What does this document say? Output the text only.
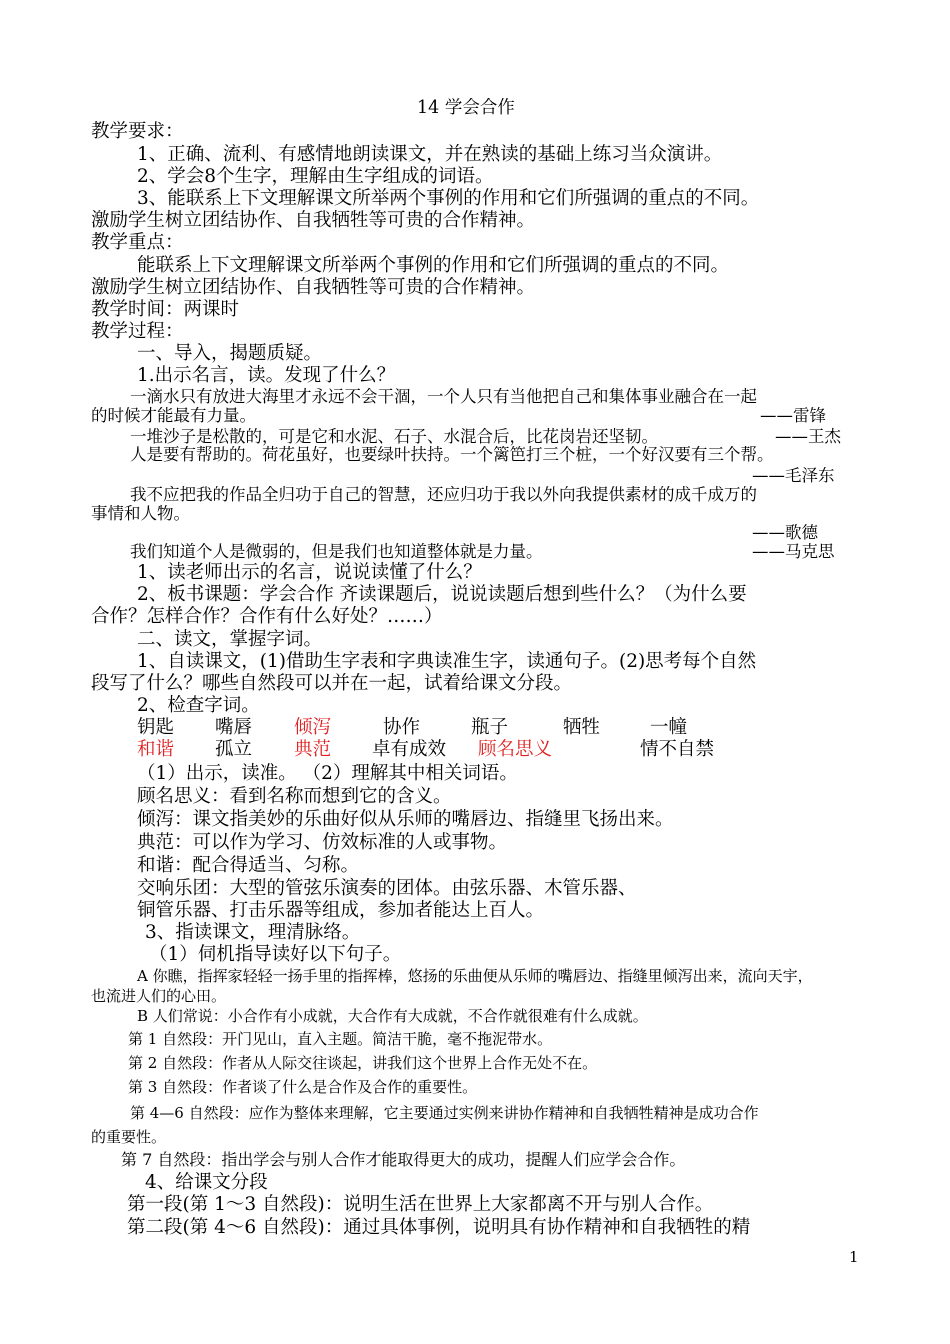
14 学会合作
教学要求：
1、正确、流利、有感情地朗读课文，并在熟读的基础上练习当众演讲。
2、学会8个生字，理解由生字组成的词语。
3、能联系上下文理解课文所举两个事例的作用和它们所强调的重点的不同。
激励学生树立团结协作、自我牺牲等可贵的合作精神。
教学重点：
能联系上下文理解课文所举两个事例的作用和它们所强调的重点的不同。
激励学生树立团结协作、自我牺牲等可贵的合作精神。
教学时间：两课时
教学过程：
一、导入，揭题质疑。
1.出示名言，读。发现了什么？
一滴水只有放进大海里才永远不会干涸，一个人只有当他把自己和集体事业融合在一起
的时候才能最有力量。	——雷锋
一堆沙子是松散的，可是它和水泥、石子、水混合后，比花岗岩还坚韧。	——王杰
人是要有帮助的。荷花虽好，也要绿叶扶持。一个篱笆打三个桩，一个好汉要有三个帮。
——毛泽东
我不应把我的作品全归功于自己的智慧，还应归功于我以外向我提供素材的成千成万的
事情和人物。
——歌德
我们知道个人是微弱的，但是我们也知道整体就是力量。	——马克思
1、读老师出示的名言，说说读懂了什么？
2、板书课题：学会合作 齐读课题后，说说读题后想到些什么？（为什么要
合作？怎样合作？合作有什么好处？……）
二、读文，掌握字词。
1、自读课文，(1)借助生字表和字典读准生字，读通句子。(2)思考每个自然
段写了什么？哪些自然段可以并在一起，试着给课文分段。
2、检查字词。
钥匙 嘴唇 倾泻	协作	瓶子	牺牲	一幢
和谐 孤立 典范 卓有成效 顾名思义	情不自禁
（1）出示，读准。 （2）理解其中相关词语。
顾名思义：看到名称而想到它的含义。
倾泻：课文指美妙的乐曲好似从乐师的嘴唇边、指缝里飞扬出来。
典范：可以作为学习、仿效标准的人或事物。
和谐：配合得适当、匀称。
交响乐团：大型的管弦乐演奏的团体。由弦乐器、木管乐器、
铜管乐器、打击乐器等组成，参加者能达上百人。
3、指读课文，理清脉络。
（1）伺机指导读好以下句子。
A 你瞧，指挥家轻轻一扬手里的指挥棒，悠扬的乐曲便从乐师的嘴唇边、指缝里倾泻出来，流向天宇，
也流进人们的心田。
B 人们常说：小合作有小成就，大合作有大成就，不合作就很难有什么成就。
第 1 自然段：开门见山，直入主题。简洁干脆，毫不拖泥带水。
第 2 自然段：作者从人际交往谈起，讲我们这个世界上合作无处不在。
第 3 自然段：作者谈了什么是合作及合作的重要性。
第 4—6 自然段：应作为整体来理解，它主要通过实例来讲协作精神和自我牺牲精神是成功合作
的重要性。
第 7 自然段：指出学会与别人合作才能取得更大的成功，提醒人们应学会合作。
4、给课文分段
第一段(第 1～3 自然段)：说明生活在世界上大家都离不开与别人合作。
第二段(第 4～6 自然段)：通过具体事例，说明具有协作精神和自我牺牲的精
1
